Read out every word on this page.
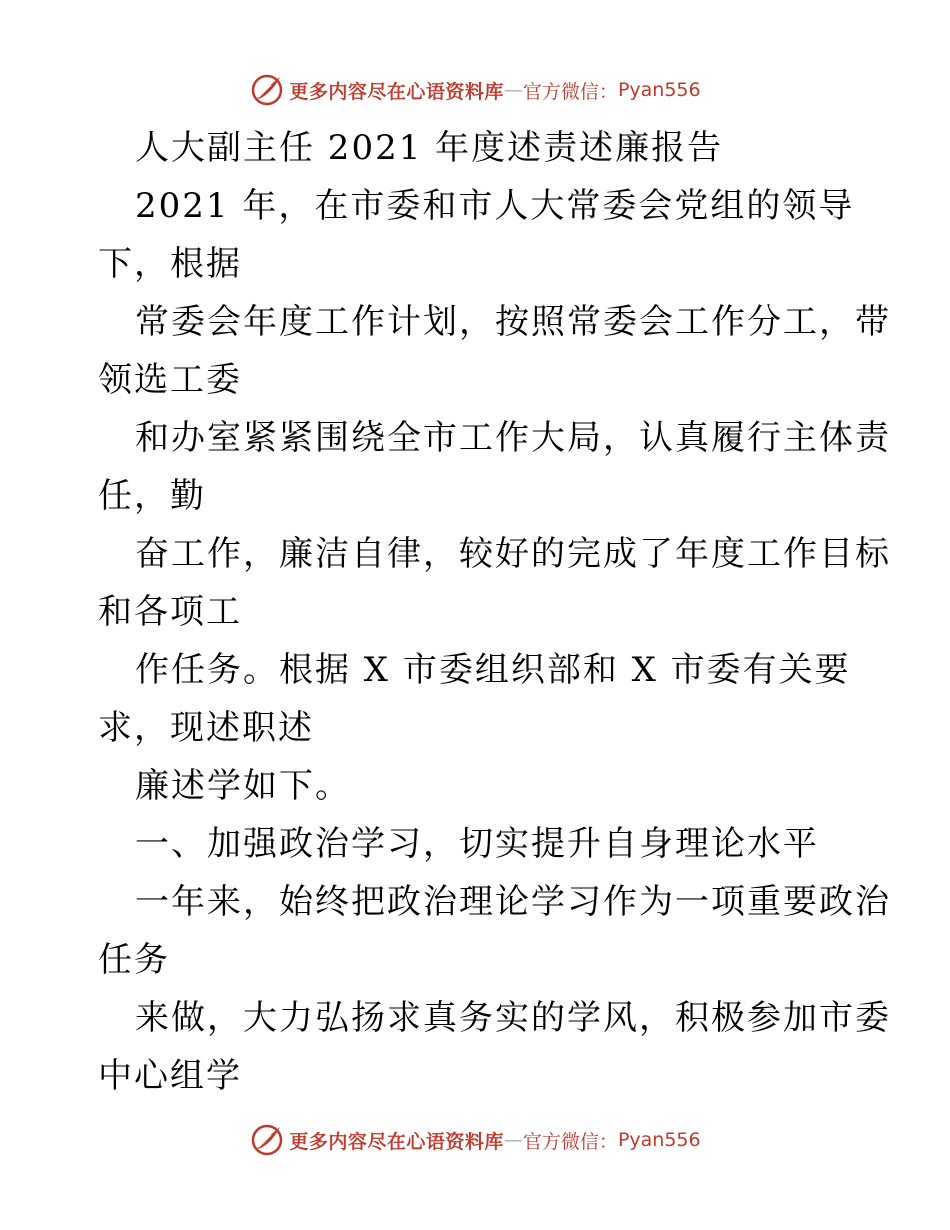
更多内容尽在心语资料库 — 官方微信： Pyan556
人大副主任 2021 年度述责述廉报告
2021 年，在市委和市人大常委会党组的领导
下，根据
常委会年度工作计划，按照常委会工作分工，带
领选工委
和办室紧紧围绕全市工作大局，认真履行主体责
任，勤
奋工作，廉洁自律，较好的完成了年度工作目标
和各项工
作任务。根据 X 市委组织部和 X 市委有关要
求，现述职述
廉述学如下。
一、加强政治学习，切实提升自身理论水平
一年来，始终把政治理论学习作为一项重要政治
任务
来做，大力弘扬求真务实的学风，积极参加市委
中心组学
更多内容尽在心语资料库 — 官方微信： Pyan556
